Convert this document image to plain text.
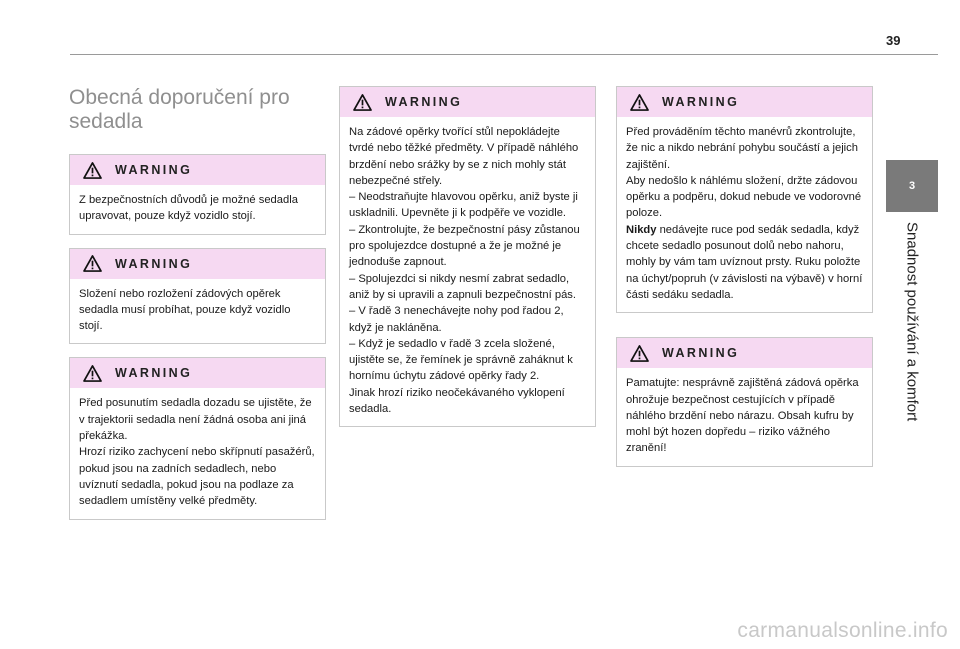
39
3
Snadnost používání a komfort
Obecná doporučení pro sedadla
WARNING

Z bezpečnostních důvodů je možné sedadla upravovat, pouze když vozidlo stojí.

WARNING

Složení nebo rozložení zádových opěrek sedadla musí probíhat, pouze když vozidlo stojí.

WARNING

Před posunutím sedadla dozadu se ujistěte, že v trajektorii sedadla není žádná osoba ani jiná překážka.

Hrozí riziko zachycení nebo skřípnutí pasažérů, pokud jsou na zadních sedadlech, nebo uvíznutí sedadla, pokud jsou na podlaze za sedadlem umístěny velké předměty.

WARNING

Na zádové opěrky tvořící stůl nepokládejte tvrdé nebo těžké předměty. V případě náhlého brzdění nebo srážky by se z nich mohly stát nebezpečné střely.

– Neodstraňujte hlavovou opěrku, aniž byste ji uskladnili. Upevněte ji k podpěře ve vozidle.

– Zkontrolujte, že bezpečnostní pásy zůstanou pro spolujezdce dostupné a že je možné je jednoduše zapnout.

– Spolujezdci si nikdy nesmí zabrat sedadlo, aniž by si upravili a zapnuli bezpečnostní pás.

– V řadě 3 nenechávejte nohy pod řadou 2, když je nakláněna.

– Když je sedadlo v řadě 3 zcela složené, ujistěte se, že řemínek je správně zaháknut k hornímu úchytu zádové opěrky řady 2.

Jinak hrozí riziko neočekávaného vyklopení sedadla.

WARNING

Před prováděním těchto manévrů zkontrolujte, že nic a nikdo nebrání pohybu součástí a jejich zajištění.

Aby nedošlo k náhlému složení, držte zádovou opěrku a podpěru, dokud nebude ve vodorovné poloze.

Nikdy nedávejte ruce pod sedák sedadla, když chcete sedadlo posunout dolů nebo nahoru, mohly by vám tam uvíznout prsty. Ruku položte na úchyt/popruh (v závislosti na výbavě) v horní části sedáku sedadla.

WARNING

Pamatujte: nesprávně zajištěná zádová opěrka ohrožuje bezpečnost cestujících v případě náhlého brzdění nebo nárazu. Obsah kufru by mohl být hozen dopředu – riziko vážného zranění!

carmanualsonline.info
